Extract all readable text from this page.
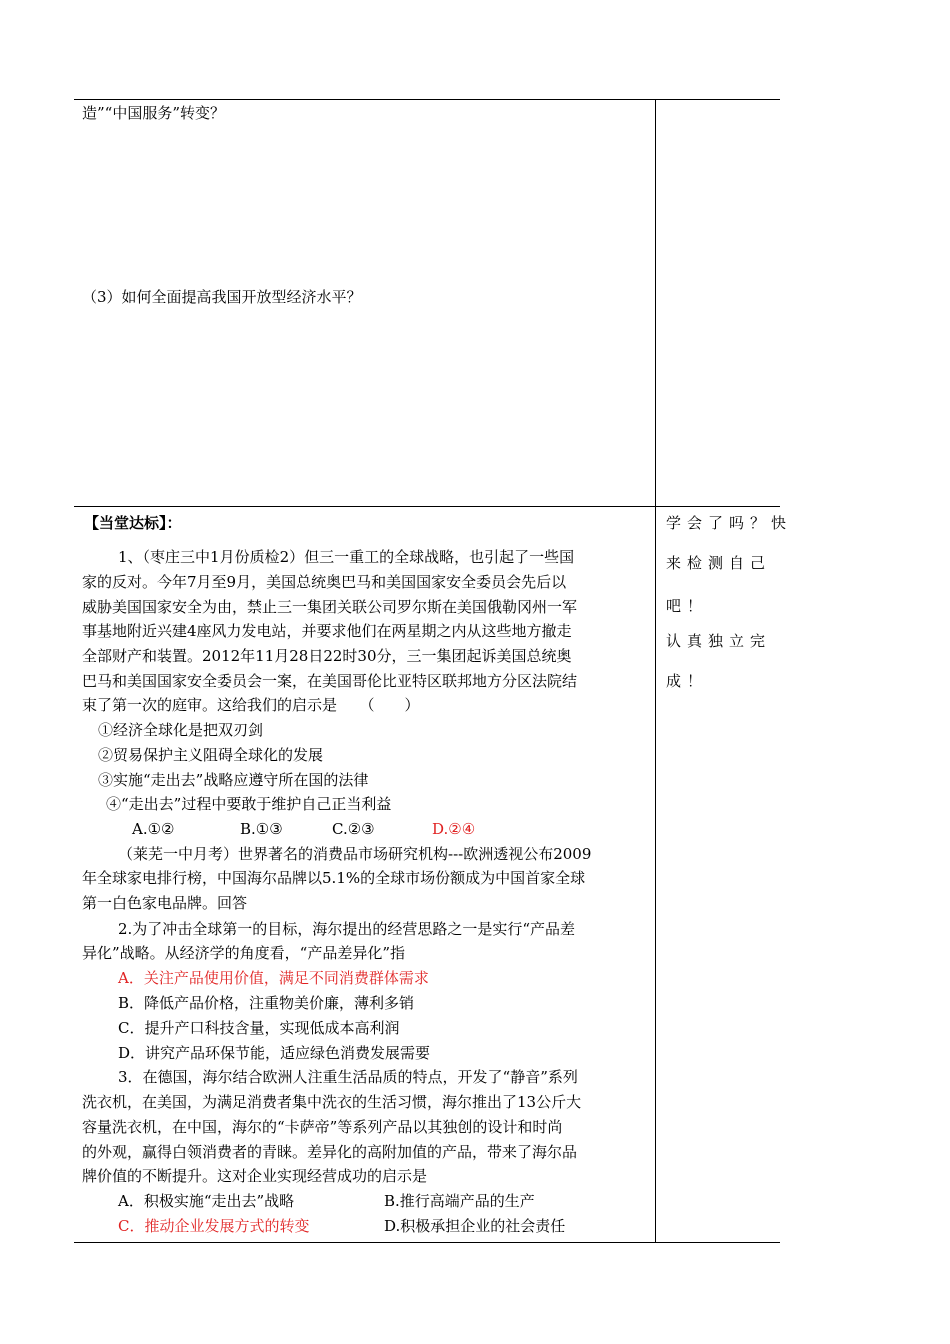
造”“中国服务”转变？
（3）如何全面提高我国开放型经济水平？
【当堂达标】：	学会了吗？快
来检测自己
吧！
认真独立完
成！
1、（枣庄三中1月份质检2）但三一重工的全球战略，也引起了一些国
家的反对。今年7月至9月，美国总统奥巴马和美国国家安全委员会先后以
威胁美国国家安全为由，禁止三一集团关联公司罗尔斯在美国俄勒冈州一军
事基地附近兴建4座风力发电站，并要求他们在两星期之内从这些地方撤走
全部财产和装置。2012年11月28日22时30分，三一集团起诉美国总统奥
巴马和美国国家安全委员会一案，在美国哥伦比亚特区联邦地方分区法院结
束了第一次的庭审。这给我们的启示是　　（　　）
①经济全球化是把双刃剑
②贸易保护主义阻碍全球化的发展
③实施“走出去”战略应遵守所在国的法律
④“走出去”过程中要敢于维护自己正当利益
A.①②	B.①③	C.②③	D.②④
（莱芜一中月考）世界著名的消费品市场研究机构---欧洲透视公布2009
年全球家电排行榜，中国海尔品牌以5.1%的全球市场份额成为中国首家全球
第一白色家电品牌。回答
2.为了冲击全球第一的目标，海尔提出的经营思路之一是实行“产品差
异化”战略。从经济学的角度看，“产品差异化”指
A．关注产品使用价值，满足不同消费群体需求
B．降低产品价格，注重物美价廉，薄利多销
C．提升产口科技含量，实现低成本高利润
D．讲究产品环保节能，适应绿色消费发展需要
3．在德国，海尔结合欧洲人注重生活品质的特点，开发了“静音”系列
洗衣机，在美国，为满足消费者集中洗衣的生活习惯，海尔推出了13公斤大
容量洗衣机，在中国，海尔的“卡萨帝”等系列产品以其独创的设计和时尚
的外观，赢得白领消费者的青睐。差异化的高附加值的产品，带来了海尔品
牌价值的不断提升。这对企业实现经营成功的启示是
A．积极实施“走出去”战略	B.推行高端产品的生产
C．推动企业发展方式的转变	D.积极承担企业的社会责任
